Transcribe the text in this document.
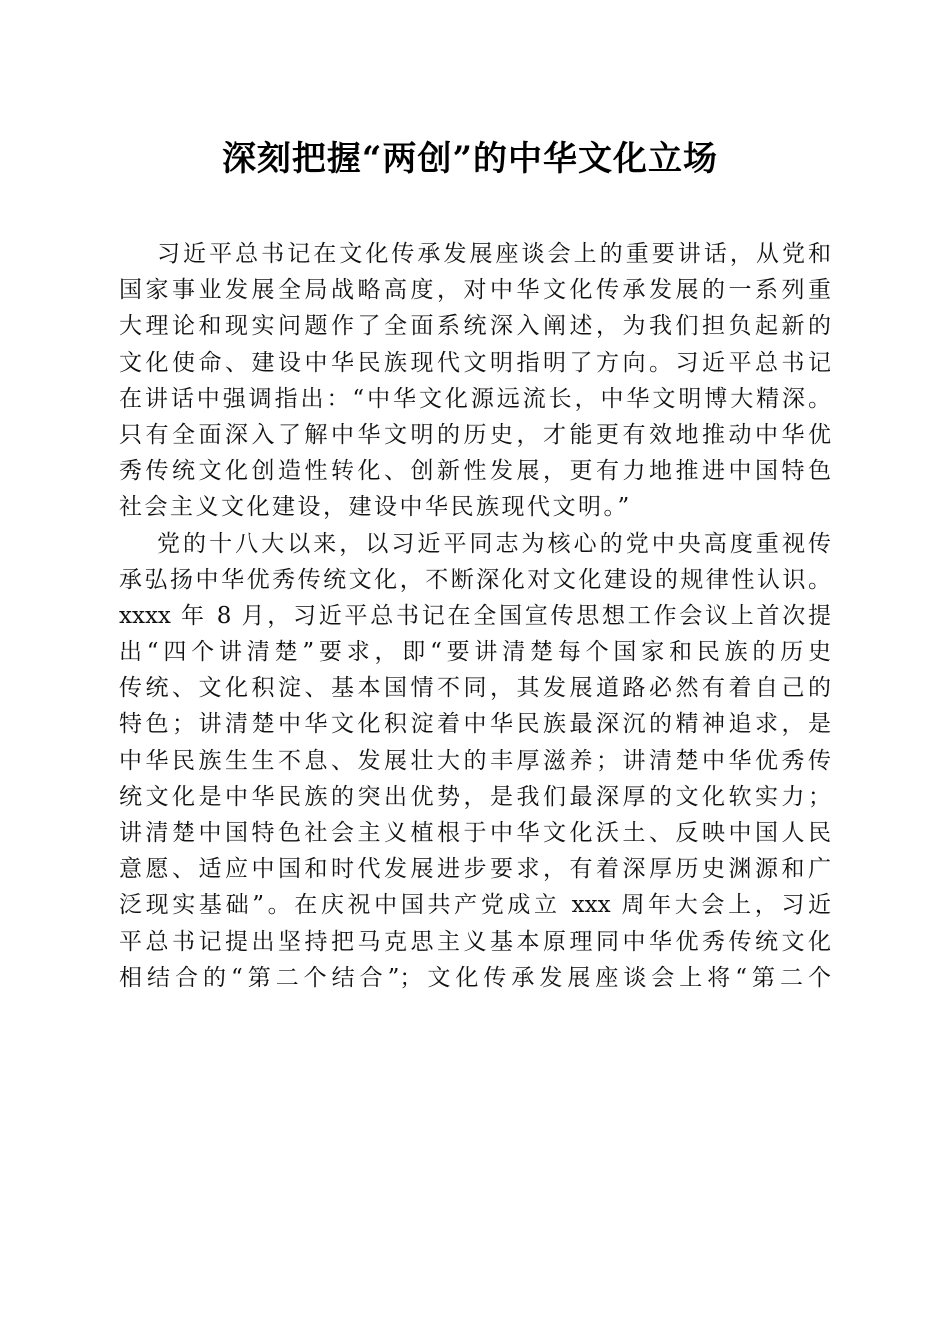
深刻把握“两创”的中华文化立场
习近平总书记在文化传承发展座谈会上的重要讲话，从党和
国家事业发展全局战略高度，对中华文化传承发展的一系列重
大理论和现实问题作了全面系统深入阐述，为我们担负起新的
文化使命、建设中华民族现代文明指明了方向。习近平总书记
在讲话中强调指出：“中华文化源远流长，中华文明博大精深。
只有全面深入了解中华文明的历史，才能更有效地推动中华优
秀传统文化创造性转化、创新性发展，更有力地推进中国特色
社会主义文化建设，建设中华民族现代文明。”
党的十八大以来，以习近平同志为核心的党中央高度重视传
承弘扬中华优秀传统文化，不断深化对文化建设的规律性认识。
xxxx 年 8 月，习近平总书记在全国宣传思想工作会议上首次提
出“四个讲清楚”要求，即“要讲清楚每个国家和民族的历史
传统、文化积淀、基本国情不同，其发展道路必然有着自己的
特色；讲清楚中华文化积淀着中华民族最深沉的精神追求，是
中华民族生生不息、发展壮大的丰厚滋养；讲清楚中华优秀传
统文化是中华民族的突出优势，是我们最深厚的文化软实力；
讲清楚中国特色社会主义植根于中华文化沃土、反映中国人民
意愿、适应中国和时代发展进步要求，有着深厚历史渊源和广
泛现实基础”。在庆祝中国共产党成立 xxx 周年大会上，习近
平总书记提出坚持把马克思主义基本原理同中华优秀传统文化
相结合的“第二个结合”；文化传承发展座谈会上将“第二个
